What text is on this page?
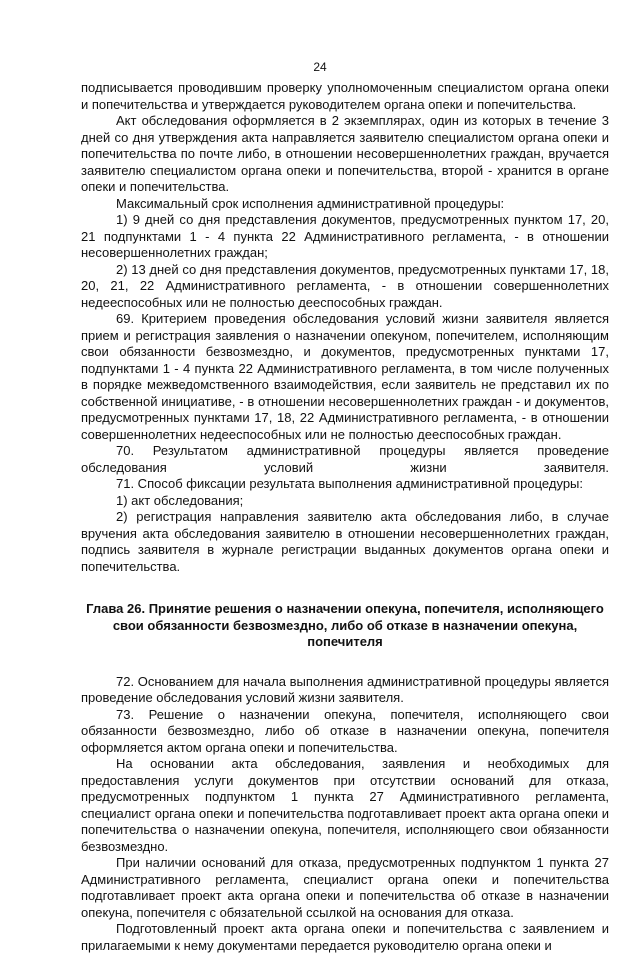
24

подписывается проводившим проверку уполномоченным специалистом органа опеки и попечительства и утверждается руководителем органа опеки и попечительства.

Акт обследования оформляется в 2 экземплярах, один из которых в течение 3 дней со дня утверждения акта направляется заявителю специалистом органа опеки и попечительства по почте либо, в отношении несовершеннолетних граждан, вручается заявителю специалистом органа опеки и попечительства, второй - хранится в органе опеки и попечительства.

Максимальный срок исполнения административной процедуры:

1) 9 дней со дня представления документов, предусмотренных пунктом 17, 20, 21 подпунктами 1 - 4 пункта 22 Административного регламента, - в отношении несовершеннолетних граждан;

2) 13 дней со дня представления документов, предусмотренных пунктами 17, 18, 20, 21, 22 Административного регламента, - в отношении совершеннолетних недееспособных или не полностью дееспособных граждан.

69. Критерием проведения обследования условий жизни заявителя является прием и регистрация заявления о назначении опекуном, попечителем, исполняющим свои обязанности безвозмездно, и документов, предусмотренных пунктами 17, подпунктами 1 - 4 пункта 22 Административного регламента, в том числе полученных в порядке межведомственного взаимодействия, если заявитель не представил их по собственной инициативе, - в отношении несовершеннолетних граждан - и документов, предусмотренных пунктами 17, 18, 22 Административного регламента, - в отношении совершеннолетних недееспособных или не полностью дееспособных граждан.

70. Результатом административной процедуры является проведение обследования условий жизни заявителя.

71. Способ фиксации результата выполнения административной процедуры:

1) акт обследования;

2) регистрация направления заявителю акта обследования либо, в случае вручения акта обследования заявителю в отношении несовершеннолетних граждан, подпись заявителя в журнале регистрации выданных документов органа опеки и попечительства.

Глава 26. Принятие решения о назначении опекуна, попечителя, исполняющего свои обязанности безвозмездно, либо об отказе в назначении опекуна, попечителя

72. Основанием для начала выполнения административной процедуры является проведение обследования условий жизни заявителя.

73. Решение о назначении опекуна, попечителя, исполняющего свои обязанности безвозмездно, либо об отказе в назначении опекуна, попечителя оформляется актом органа опеки и попечительства.

На основании акта обследования, заявления и необходимых для предоставления услуги документов при отсутствии оснований для отказа, предусмотренных подпунктом 1 пункта 27 Административного регламента, специалист органа опеки и попечительства подготавливает проект акта органа опеки и попечительства о назначении опекуна, попечителя, исполняющего свои обязанности безвозмездно.

При наличии оснований для отказа, предусмотренных подпунктом 1 пункта 27 Административного регламента, специалист органа опеки и попечительства подготавливает проект акта органа опеки и попечительства об отказе в назначении опекуна, попечителя с обязательной ссылкой на основания для отказа.

Подготовленный проект акта органа опеки и попечительства с заявлением и прилагаемыми к нему документами передается руководителю органа опеки и
